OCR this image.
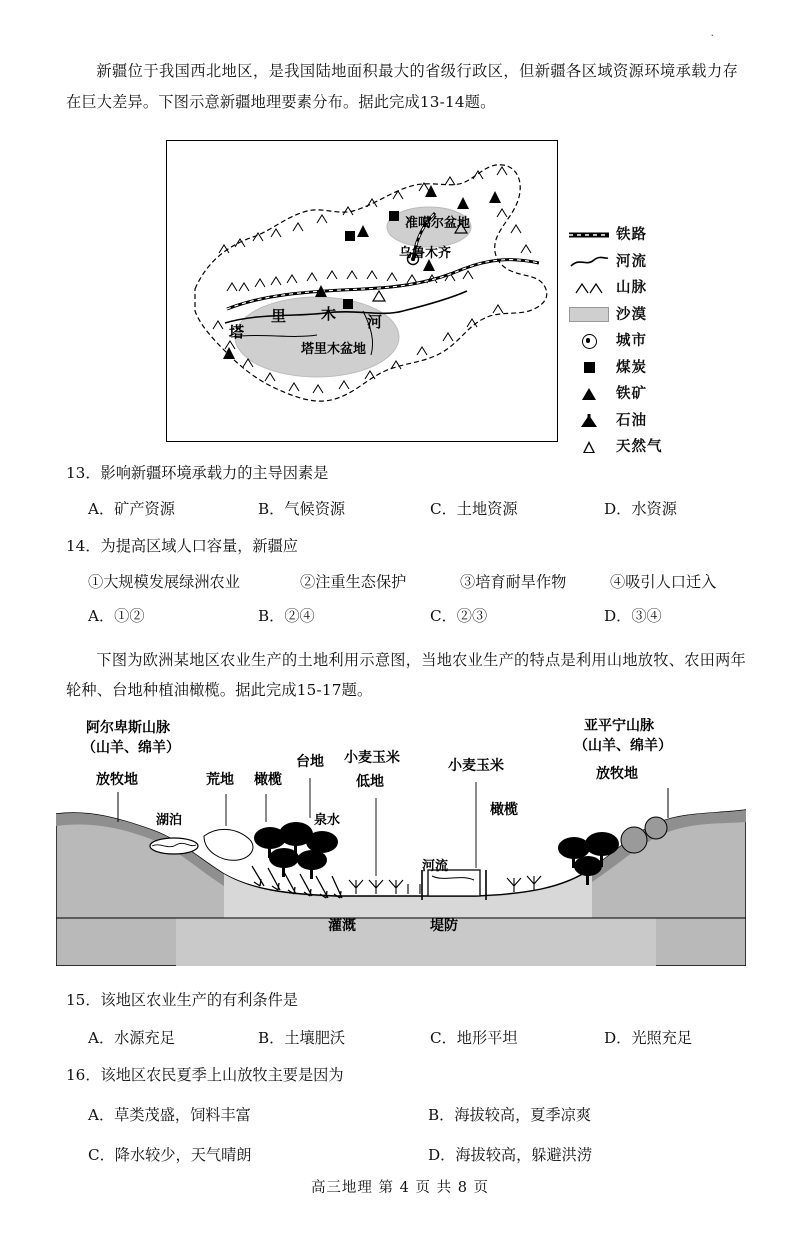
.

新疆位于我国西北地区，是我国陆地面积最大的省级行政区，但新疆各区域资源环境承载力存在巨大差异。下图示意新疆地理要素分布。据此完成13-14题。

准噶尔盆地
乌鲁木齐
塔里木盆地
塔
里 木 河
铁路
河流
山脉
沙漠
城市
煤炭
铁矿
石油
天然气
13．影响新疆环境承载力的主导因素是
A．矿产资源	B．气候资源	C．土地资源	D．水资源
14．为提高区域人口容量，新疆应
①大规模发展绿洲农业	②注重生态保护	③培育耐旱作物	④吸引人口迁入
A．①②	B．②④	C．②③	D．③④

下图为欧洲某地区农业生产的土地利用示意图，当地农业生产的特点是利用山地放牧、农田两年轮种、台地种植油橄榄。据此完成15-17题。

阿尔卑斯山脉
（山羊、绵羊）
放牧地
湖泊
荒地 橄榄
台地
泉水
小麦玉米
低地
小麦玉米
橄榄
河流
灌溉	堤防
亚平宁山脉
（山羊、绵羊）
放牧地
15．该地区农业生产的有利条件是
A．水源充足	B．土壤肥沃	C．地形平坦	D．光照充足
16．该地区农民夏季上山放牧主要是因为
A．草类茂盛，饲料丰富	B．海拔较高，夏季凉爽
C．降水较少，天气晴朗	D．海拔较高，躲避洪涝
高三地理 第 4 页 共 8 页
